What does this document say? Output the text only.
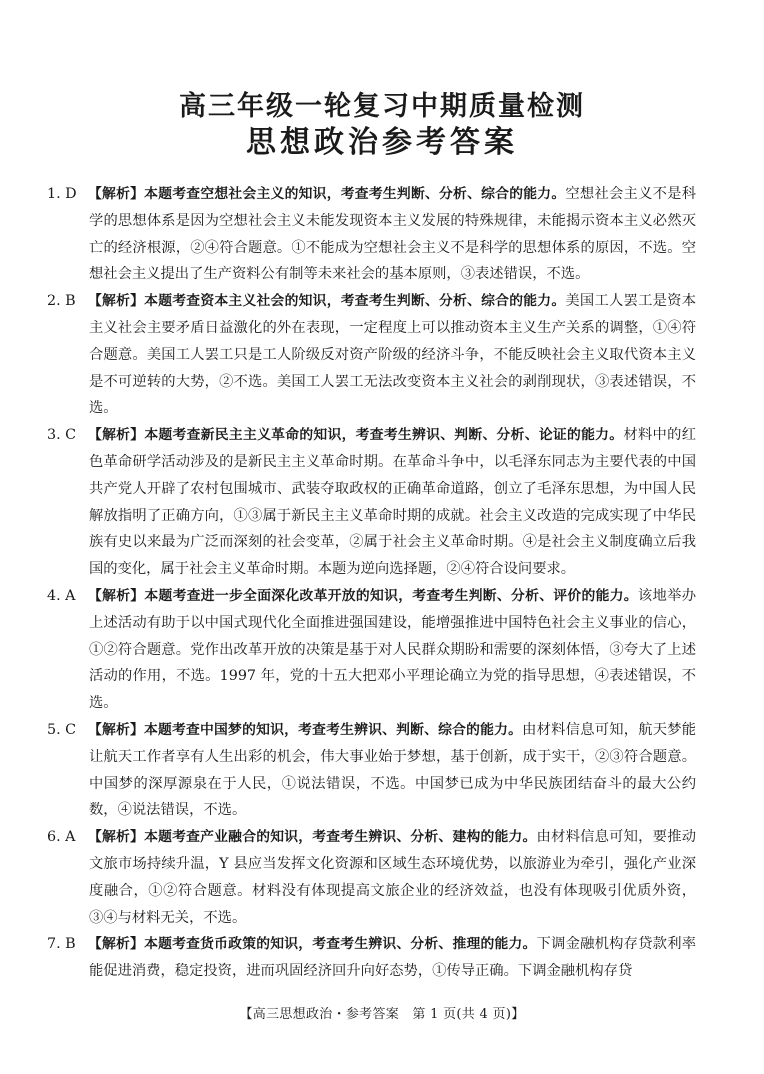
高三年级一轮复习中期质量检测
思想政治参考答案
1. D 【解析】本题考查空想社会主义的知识，考查考生判断、分析、综合的能力。空想社会主义不是科学的思想体系是因为空想社会主义未能发现资本主义发展的特殊规律，未能揭示资本主义必然灭亡的经济根源，②④符合题意。①不能成为空想社会主义不是科学的思想体系的原因，不选。空想社会主义提出了生产资料公有制等未来社会的基本原则，③表述错误，不选。
2. B 【解析】本题考查资本主义社会的知识，考查考生判断、分析、综合的能力。美国工人罢工是资本主义社会主要矛盾日益激化的外在表现，一定程度上可以推动资本主义生产关系的调整，①④符合题意。美国工人罢工只是工人阶级反对资产阶级的经济斗争，不能反映社会主义取代资本主义是不可逆转的大势，②不选。美国工人罢工无法改变资本主义社会的剥削现状，③表述错误，不选。
3. C 【解析】本题考查新民主主义革命的知识，考查考生辨识、判断、分析、论证的能力。材料中的红色革命研学活动涉及的是新民主主义革命时期。在革命斗争中，以毛泽东同志为主要代表的中国共产党人开辟了农村包围城市、武装夺取政权的正确革命道路，创立了毛泽东思想，为中国人民解放指明了正确方向，①③属于新民主主义革命时期的成就。社会主义改造的完成实现了中华民族有史以来最为广泛而深刻的社会变革，②属于社会主义革命时期。④是社会主义制度确立后我国的变化，属于社会主义革命时期。本题为逆向选择题，②④符合设问要求。
4. A 【解析】本题考查进一步全面深化改革开放的知识，考查考生判断、分析、评价的能力。该地举办上述活动有助于以中国式现代化全面推进强国建设，能增强推进中国特色社会主义事业的信心，①②符合题意。党作出改革开放的决策是基于对人民群众期盼和需要的深刻体悟，③夸大了上述活动的作用，不选。1997 年，党的十五大把邓小平理论确立为党的指导思想，④表述错误，不选。
5. C 【解析】本题考查中国梦的知识，考查考生辨识、判断、综合的能力。由材料信息可知，航天梦能让航天工作者享有人生出彩的机会，伟大事业始于梦想，基于创新，成于实干，②③符合题意。中国梦的深厚源泉在于人民，①说法错误，不选。中国梦已成为中华民族团结奋斗的最大公约数，④说法错误，不选。
6. A 【解析】本题考查产业融合的知识，考查考生辨识、分析、建构的能力。由材料信息可知，要推动文旅市场持续升温，Y 县应当发挥文化资源和区域生态环境优势，以旅游业为牵引，强化产业深度融合，①②符合题意。材料没有体现提高文旅企业的经济效益，也没有体现吸引优质外资，③④与材料无关，不选。
7. B 【解析】本题考查货币政策的知识，考查考生辨识、分析、推理的能力。下调金融机构存贷款利率能促进消费，稳定投资，进而巩固经济回升向好态势，①传导正确。下调金融机构存贷
【高三思想政治・参考答案　第 1 页(共 4 页)】
